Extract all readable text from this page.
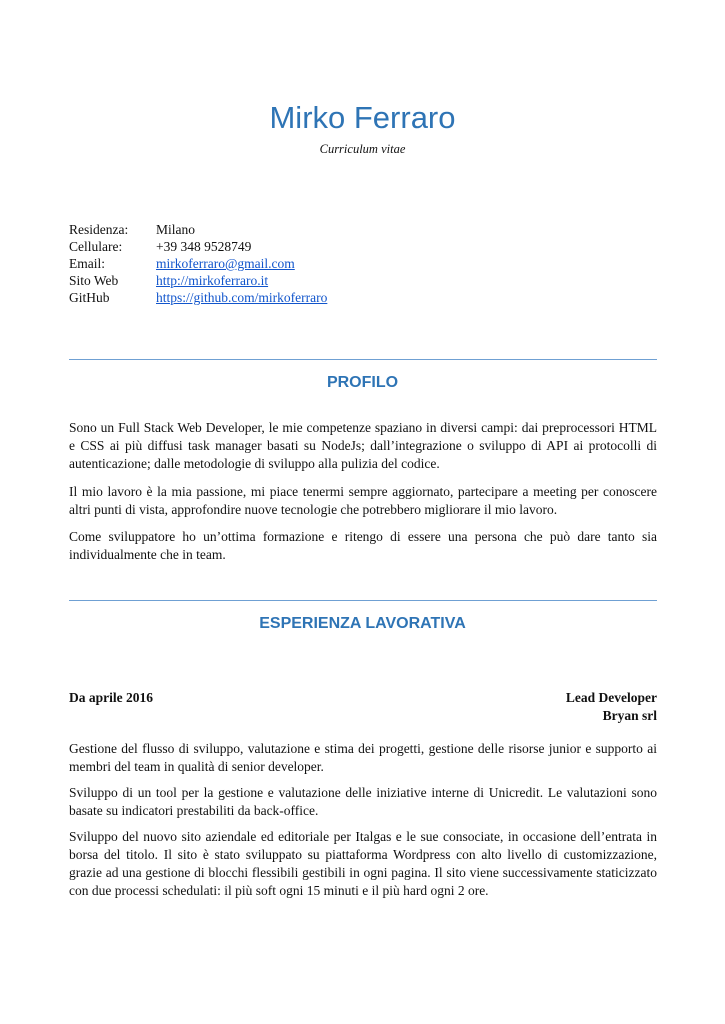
Mirko Ferraro
Curriculum vitae
Residenza:	Milano
Cellulare:	+39 348 9528749
Email:	mirkoferraro@gmail.com
Sito Web	http://mirkoferraro.it
GitHub	https://github.com/mirkoferraro
PROFILO

Sono un Full Stack Web Developer, le mie competenze spaziano in diversi campi: dai preprocessori HTML e CSS ai più diffusi task manager basati su NodeJs; dall’integrazione o sviluppo di API ai protocolli di autenticazione; dalle metodologie di sviluppo alla pulizia del codice.

Il mio lavoro è la mia passione, mi piace tenermi sempre aggiornato, partecipare a meeting per conoscere altri punti di vista, approfondire nuove tecnologie che potrebbero migliorare il mio lavoro.

Come sviluppatore ho un’ottima formazione e ritengo di essere una persona che può dare tanto sia individualmente che in team.

ESPERIENZA LAVORATIVA
Da aprile 2016	Lead Developer
Bryan srl

Gestione del flusso di sviluppo, valutazione e stima dei progetti, gestione delle risorse junior e supporto ai membri del team in qualità di senior developer.

Sviluppo di un tool per la gestione e valutazione delle iniziative interne di Unicredit. Le valutazioni sono basate su indicatori prestabiliti da back-office.

Sviluppo del nuovo sito aziendale ed editoriale per Italgas e le sue consociate, in occasione dell’entrata in borsa del titolo. Il sito è stato sviluppato su piattaforma Wordpress con alto livello di customizzazione, grazie ad una gestione di blocchi flessibili gestibili in ogni pagina. Il sito viene successivamente staticizzato con due processi schedulati: il più soft ogni 15 minuti e il più hard ogni 2 ore.
